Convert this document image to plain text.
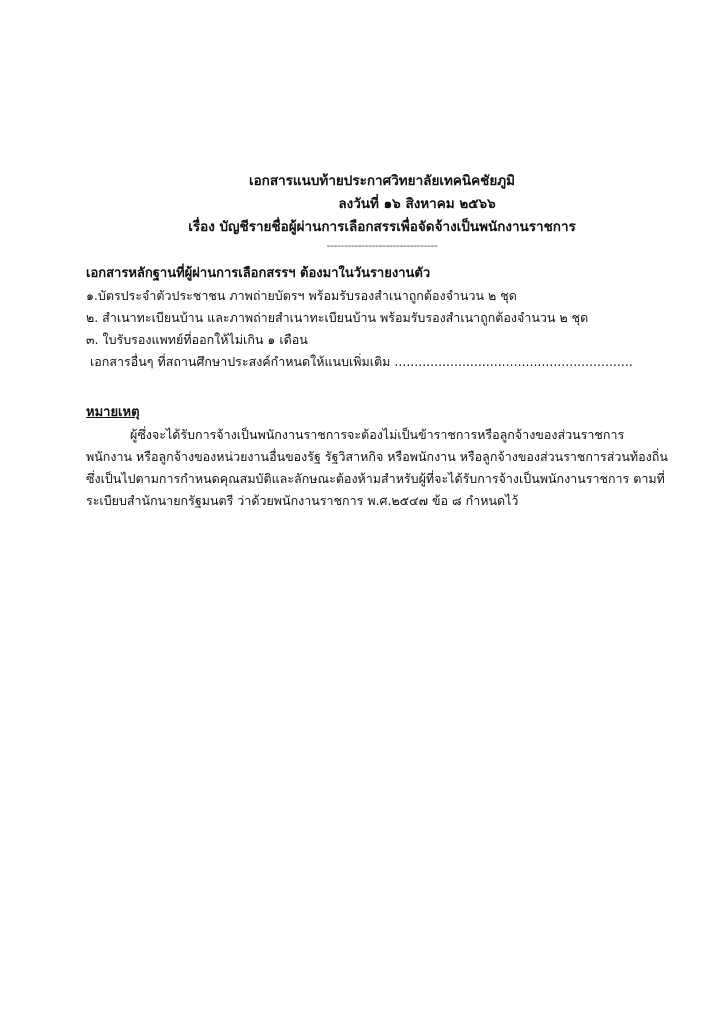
เอกสารแนบท้ายประกาศวิทยาลัยเทคนิคชัยภูมิ
ลงวันที่ ๑๖ สิงหาคม ๒๕๖๖
เรื่อง บัญชีรายชื่อผู้ผ่านการเลือกสรรเพื่อจัดจ้างเป็นพนักงานราชการ
--------------------------------
เอกสารหลักฐานที่ผู้ผ่านการเลือกสรรฯ ต้องมาในวันรายงานตัว
๑.บัตรประจำตัวประชาชน ภาพถ่ายบัตรฯ พร้อมรับรองสำเนาถูกต้องจำนวน ๒ ชุด
๒. สำเนาทะเบียนบ้าน และภาพถ่ายสำเนาทะเบียนบ้าน พร้อมรับรองสำเนาถูกต้องจำนวน ๒ ชุด
๓. ใบรับรองแพทย์ที่ออกให้ไม่เกิน ๑ เดือน
เอกสารอื่นๆ ที่สถานศึกษาประสงค์กำหนดให้แนบเพิ่มเติม ............................................................
หมายเหตุ
ผู้ซึ่งจะได้รับการจ้างเป็นพนักงานราชการจะต้องไม่เป็นข้าราชการหรือลูกจ้างของส่วนราชการ
พนักงาน หรือลูกจ้างของหน่วยงานอื่นของรัฐ รัฐวิสาหกิจ หรือพนักงาน หรือลูกจ้างของส่วนราชการส่วนท้องถิ่น
ซึ่งเป็นไปตามการกำหนดคุณสมบัติและลักษณะต้องห้ามสำหรับผู้ที่จะได้รับการจ้างเป็นพนักงานราชการ ตามที่
ระเบียบสำนักนายกรัฐมนตรี ว่าด้วยพนักงานราชการ พ.ศ.๒๕๔๗ ข้อ ๘ กำหนดไว้
